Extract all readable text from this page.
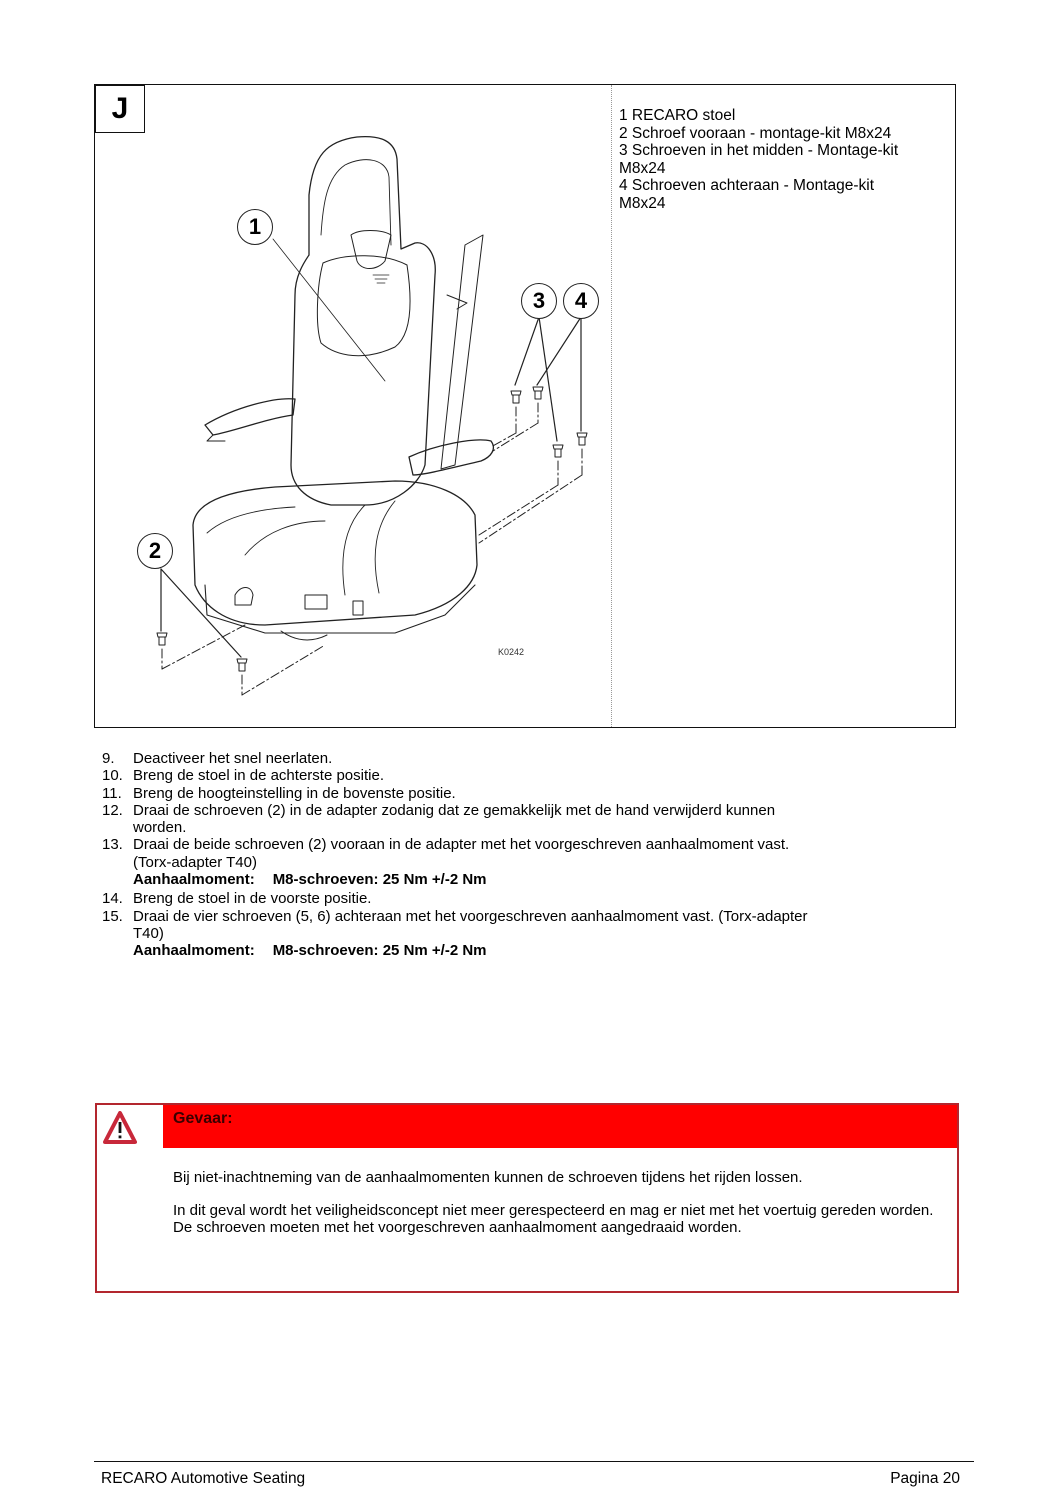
J
1
2
3	4
K0242
1 RECARO stoel
2 Schroef vooraan - montage-kit M8x24
3 Schroeven in het midden - Montage-kit
M8x24
4 Schroeven achteraan - Montage-kit
M8x24
9. Deactiveer het snel neerlaten.
10. Breng de stoel in de achterste positie.
11. Breng de hoogteinstelling in de bovenste positie.
12. Draai de schroeven (2) in de adapter zodanig dat ze gemakkelijk met de hand verwijderd kunnen
worden.
13. Draai de beide schroeven (2) vooraan in de adapter met het voorgeschreven aanhaalmoment vast.
(Torx-adapter T40)
Aanhaalmoment: M8-schroeven: 25 Nm +/-2 Nm
14. Breng de stoel in de voorste positie.
15. Draai de vier schroeven (5, 6) achteraan met het voorgeschreven aanhaalmoment vast. (Torx-adapter
T40)
Aanhaalmoment: M8-schroeven: 25 Nm +/-2 Nm
Gevaar:

Bij niet-inachtneming van de aanhaalmomenten kunnen de schroeven tijdens het rijden lossen.

In dit geval wordt het veiligheidsconcept niet meer gerespecteerd en mag er niet met het voertuig gereden worden. De schroeven moeten met het voorgeschreven aanhaalmoment aangedraaid worden.

RECARO Automotive Seating	Pagina 20
